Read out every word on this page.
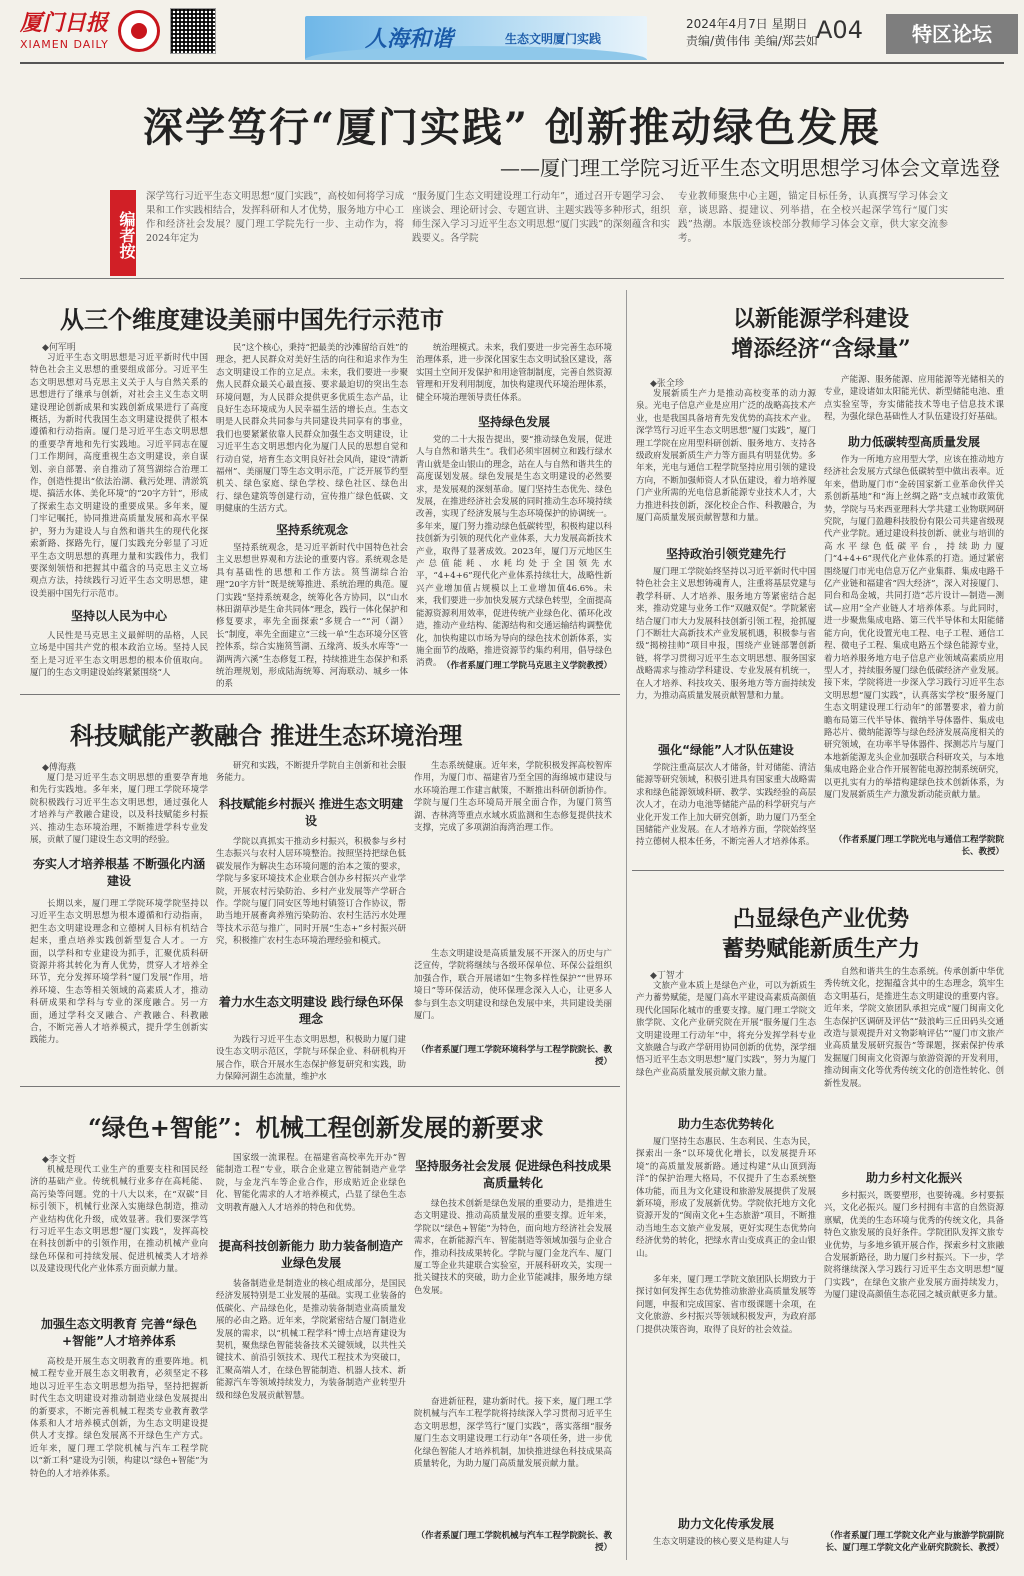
厦门日报
XIAMEN DAILY	人海和谐	生态文明厦门实践
2024年4月7日 星期日
责编/黄伟伟 美编/郑芸如
A04	特区论坛
深学笃行“厦门实践” 创新推动绿色发展
——厦门理工学院习近平生态文明思想学习体会文章选登
编者按
深学笃行习近平生态文明思想“厦门实践”，高校如何将学习成果和工作实践相结合，发挥科研和人才优势，服务地方中心工作和经济社会发展？厦门理工学院先行一步、主动作为，将2024年定为
“服务厦门生态文明建设理工行动年”，通过召开专题学习会、座谈会、理论研讨会、专题宣讲、主题实践等多种形式，组织师生深入学习习近平生态文明思想“厦门实践”的深刻蕴含和实践要义。各学院
专业教师聚焦中心主题，锚定目标任务，认真撰写学习体会文章，谈思路、提建议、列举措，在全校兴起深学笃行“厦门实践”热潮。本版选登该校部分教师学习体会文章，供大家交流参考。
从三个维度建设美丽中国先行示范市
◆何军明

习近平生态文明思想是习近平新时代中国特色社会主义思想的重要组成部分。习近平生态文明思想对马克思主义关于人与自然关系的思想进行了继承与创新，对社会主义生态文明建设理论创新成果和实践创新成果进行了高度概括，为新时代我国生态文明建设提供了根本遵循和行动指南。厦门是习近平生态文明思想的重要孕育地和先行实践地。习近平同志在厦门工作期间，高度重视生态文明建设，亲自谋划、亲自部署、亲自推动了筼筜湖综合治理工作，创造性提出“依法治湖、截污处理、清淤筑堤、搞活水体、美化环境”的“20字方针”，形成了探索生态文明建设的重要成果。多年来，厦门牢记嘱托，协同推进高质量发展和高水平保护，努力为建设人与自然和谐共生的现代化探索新路、探路先行，厦门实践充分彰显了习近平生态文明思想的真理力量和实践伟力，我们要深刻领悟和把握其中蕴含的马克思主义立场观点方法，持续践行习近平生态文明思想，建设美丽中国先行示范市。

坚持以人民为中心

人民性是马克思主义最鲜明的品格，人民立场是中国共产党的根本政治立场。坚持人民至上是习近平生态文明思想的根本价值取向。厦门的生态文明建设始终紧紧围绕“人

民”这个核心，秉持“把最美的沙滩留给百姓”的理念，把人民群众对美好生活的向往和追求作为生态文明建设工作的立足点。未来，我们要进一步聚焦人民群众最关心最直接、要求最迫切的突出生态环境问题，为人民群众提供更多优质生态产品，让良好生态环境成为人民幸福生活的增长点。生态文明是人民群众共同参与共同建设共同享有的事业，我们也要紧紧依靠人民群众加强生态文明建设，让习近平生态文明思想内化为厦门人民的思想自觉和行动自觉，培育生态文明良好社会风尚，建设“清新福州”、美丽厦门等生态文明示范，广泛开展节约型机关、绿色家庭、绿色学校、绿色社区、绿色出行、绿色建筑等创建行动，宣传推广绿色低碳、文明健康的生活方式。

坚持系统观念

坚持系统观念，是习近平新时代中国特色社会主义思想世界观和方法论的重要内容。系统观念是具有基础性的思想和工作方法。筼筜湖综合治理“20字方针”既是统筹推进、系统治理的典范。厦门实践“坚持系统观念，统筹化各方协同，以“山水林田湖草沙是生命共同体”理念，践行一体化保护和修复要求，率先全面探索“多规合一”“河（湖）长”制度，率先全面建立“三线一单”生态环境分区管控体系，综合实施筼筜湖、五缘湾、坂头水库等“一湖两湾六溪”生态修复工程，持续推进生态保护和系统治理规划，形成陆海统筹、河海联动、城乡一体的系

统治理模式。未来，我们要进一步完善生态环境治理体系，进一步深化国家生态文明试验区建设，落实国土空间开发保护和用途管制制度，完善自然资源管理和开发利用制度，加快构建现代环境治理体系，健全环境治理领导责任体系。

坚持绿色发展

党的二十大报告提出，要“推动绿色发展，促进人与自然和谐共生”。我们必须牢固树立和践行绿水青山就是金山银山的理念，站在人与自然和谐共生的高度谋划发展。绿色发展是生态文明建设的必然要求，是发展观的深刻革命。厦门坚持生态优先、绿色发展，在推进经济社会发展的同时推动生态环境持续改善，实现了经济发展与生态环境保护的协调统一。多年来，厦门努力推动绿色低碳转型，积极构建以科技创新为引领的现代化产业体系，大力发展高新技术产业，取得了显著成效。2023年，厦门万元地区生产总值能耗、水耗均处于全国领先水平，“4+4+6”现代化产业体系持续壮大，战略性新兴产业增加值占规模以上工业增加值46.6%。未来，我们要进一步加快发展方式绿色转型，全面提高能源资源利用效率，促进传统产业绿色化、循环化改造，推动产业结构、能源结构和交通运输结构调整优化，加快构建以市场为导向的绿色技术创新体系，实施全面节约战略，推进资源节约集约利用，倡导绿色消费。 （作者系厦门理工学院马克思主义学院教授）
以新能源学科建设
增添经济“含绿量”
◆张全珍

发展新质生产力是推动高校变革的动力源泉。光电子信息产业是应用广泛的战略高技术产业，也是我国具备培育先发优势的高技术产业。深学笃行习近平生态文明思想“厦门实践”，厦门理工学院在应用型科研创新、服务地方、支持各级政府发展新质生产力等方面具有明显优势。多年来，光电与通信工程学院坚持应用引领的建设方向，不断加强师资人才队伍建设，着力培养厦门产业所需的光电信息新能源专业技术人才，大力推进科技创新，深化校企合作、科教融合，为厦门高质量发展贡献智慧和力量。

坚持政治引领党建先行

厦门理工学院始终坚持以习近平新时代中国特色社会主义思想铸魂育人，注重将基层党建与教学科研、人才培养、服务地方等紧密结合起来，推动党建与业务工作“双融双促”。学院紧密结合厦门市大力发展科技创新引领工程，抢抓厦门不断壮大高新技术产业发展机遇，积极参与省级“揭榜挂帅”项目申报，围绕产业链部署创新链，将学习贯彻习近平生态文明思想、服务国家战略需求与推动学科建设、专业发展有机统一，在人才培养、科技攻关、服务地方等方面持续发力，为推动高质量发展贡献智慧和力量。

强化“绿能”人才队伍建设

学院注重高层次人才储备，针对储能、清洁能源等研究领域，积极引进具有国家重大战略需求和绿色能源领域科研、教学、实践经验的高层次人才，在动力电池等储能产品的科学研究与产业化开发工作上加大研究创新，助力厦门乃至全国储能产业发展。在人才培养方面，学院始终坚持立德树人根本任务，不断完善人才培养体系。

产能源、服务能源、应用能源等光储相关的专业，建设诸如太阳能光伏、新型储能电池、重点实验室等，夯实储能技术等电子信息技术课程，为强化绿色基础性人才队伍建设打好基础。

助力低碳转型高质量发展

作为一所地方应用型大学，应该在推动地方经济社会发展方式绿色低碳转型中做出表率。近年来，借助厦门市“金砖国家新工业革命伙伴关系创新基地”和“海上丝绸之路”支点城市政策优势，学院与马来西亚理科大学共建工业物联网研究院，与厦门盈趣科技股份有限公司共建省级现代产业学院。通过建设科技创新、就业与培训的高水平绿色低碳平台，持续助力厦门“4+4+6”现代化产业体系的打造。通过紧密围绕厦门市光电信息万亿产业集群、集成电路千亿产业链和福建省“四大经济”，深入对接厦门、同台和岛金城，共同打造“芯片设计—制造—测试—应用”全产业链人才培养体系。与此同时，进一步聚焦集成电路、第三代半导体和太阳能储能方向，优化设置光电工程、电子工程、通信工程、微电子工程、集成电路五个绿色能源专业，着力培养服务地方电子信息产业领域高素质应用型人才，持续服务厦门绿色低碳经济产业发展。接下来，学院将进一步深入学习践行习近平生态文明思想“厦门实践”，认真落实学校“服务厦门生态文明建设理工行动年”的部署要求，着力前瞻布局第三代半导体、微纳半导体器件、集成电路芯片、微纳能源等与绿色经济发展高度相关的研究领域，在功率半导体器件、探测芯片与厦门本地新能源龙头企业加强联合科研攻关，与本地集成电路企业合作开展智能电源控制系统研究，以更扎实有力的举措构建绿色技术创新体系，为厦门发展新质生产力激发新动能贡献力量。

（作者系厦门理工学院光电与通信工程学院院长、教授）
科技赋能产教融合 推进生态环境治理
◆傅海燕

厦门是习近平生态文明思想的重要孕育地和先行实践地。多年来，厦门理工学院环境学院积极践行习近平生态文明思想，通过强化人才培养与产教融合建设，以及科技赋能乡村振兴、推动生态环境治理，不断推进学科专业发展，贡献了厦门建设生态文明的经验。

夯实人才培养根基 不断强化内涵建设

长期以来，厦门理工学院环境学院坚持以习近平生态文明思想为根本遵循和行动指南，把生态文明建设理念和立德树人目标有机结合起来，重点培养实践创新型复合人才。一方面，以学科和专业建设为抓手，汇聚优质科研资源并将其转化为育人优势，贯穿人才培养全环节，充分发挥环境学科“厦门发展”作用，培养环境、生态等相关领域的高素质人才，推动科研成果和学科与专业的深度融合。另一方面，通过学科交叉融合、产教融合、科教融合，不断完善人才培养模式，提升学生创新实践能力。

研究和实践，不断提升学院自主创新和社会服务能力。

科技赋能乡村振兴 推进生态文明建设

学院以真抓实干推动乡村振兴，积极参与乡村生态振兴与农村人居环境整治。按照坚持把绿色低碳发展作为解决生态环境问题的治本之策的要求，学院与多家环境技术企业联合创办乡村振兴产业学院，开展农村污染防治、乡村产业发展等产学研合作。学院与厦门同安区等地村镇签订合作协议，帮助当地开展畜禽养殖污染防治、农村生活污水处理等技术示范与推广，同时开展“生态+”乡村振兴研究，积极推广农村生态环境治理经验和模式。

着力水生态文明建设 践行绿色环保理念

为践行习近平生态文明思想，积极助力厦门建设生态文明示范区，学院与环保企业、科研机构开展合作，联合开展水生态保护修复研究和实践，助力保障河湖生态流量，维护水

生态系统健康。近年来，学院积极发挥高校智库作用，为厦门市、福建省乃至全国的海绵城市建设与水环境治理工作建言献策，不断推出科研创新协作。学院与厦门生态环境局开展全面合作，为厦门筼筜湖、杏林湾等重点水域水质监测和生态修复提供技术支撑，完成了多项湖泊海湾治理工作。

生态文明建设是高质量发展不开深入的历史与广泛宣传，学院将继续与各级环保单位、环保公益组织加强合作，联合开展诸如“生物多样性保护”“世界环境日”等环保活动，使环保理念深入人心，让更多人参与到生态文明建设和绿色发展中来，共同建设美丽厦门。

（作者系厦门理工学院环境科学与工程学院院长、教授）
凸显绿色产业优势
蓄势赋能新质生产力
◆丁智才

文旅产业本质上是绿色产业，可以为新质生产力蓄势赋能，是厦门高水平建设高素质高颜值现代化国际化城市的重要支撑。厦门理工学院文旅学院、文化产业研究院在开展“服务厦门生态文明建设理工行动年”中，将充分发挥学科专业文旅融合与政产学研用协同创新的优势，深学细悟习近平生态文明思想“厦门实践”，努力为厦门绿色产业高质量发展贡献文旅力量。

助力生态优势转化

厦门坚持生态惠民、生态利民、生态为民，探索出一条“以环境优化增长，以发展提升环境”的高质量发展新路。通过构建“从山顶到海洋”的保护治理大格局，不仅提升了生态系统整体功能，而且为文化建设和旅游发展提供了发展新环境，形成了发展新优势。学院依托地方文化资源开发的“闽南文化+生态旅游”项目，不断推动当地生态文旅产业发展，更好实现生态优势向经济优势的转化，把绿水青山变成真正的金山银山。

多年来，厦门理工学院文旅团队长期致力于探讨如何发挥生态优势推动旅游业高质量发展等问题，申报和完成国家、省市级课题十余项，在文化旅游、乡村振兴等领域积极发声，为政府部门提供决策咨询，取得了良好的社会效益。

助力文化传承发展

生态文明建设的核心要义是构建人与

自然和谐共生的生态系统。传承创新中华优秀传统文化，挖掘蕴含其中的生态理念，筑牢生态文明基石，是推进生态文明建设的重要内容。近年来，学院文旅团队承担完成“厦门闽南文化生态保护区调研及评估”“鼓浪屿三丘田码头交通改造与景观提升对文物影响评估”“厦门市文旅产业高质量发展研究报告”等课题，探索保护传承发掘厦门闽南文化资源与旅游资源的开发利用，推动闽南文化等优秀传统文化的创造性转化、创新性发展。

助力乡村文化振兴

乡村振兴，既要塑形，也要铸魂。乡村要振兴，文化必振兴。厦门乡村拥有丰富的自然资源禀赋，优美的生态环境与优秀的传统文化，具备特色文旅发展的良好条件。学院团队发挥文旅专业优势，与多地乡镇开展合作，探索乡村文旅融合发展新路径，助力厦门乡村振兴。下一步，学院将继续深入学习践行习近平生态文明思想“厦门实践”，在绿色文旅产业发展方面持续发力，为厦门建设高颜值生态花园之城贡献更多力量。

（作者系厦门理工学院文化产业与旅游学院副院长、厦门理工学院文化产业研究院院长、教授）
“绿色+智能”：机械工程创新发展的新要求
◆李文哲

机械是现代工业生产的重要支柱和国民经济的基础产业。传统机械行业多存在高耗能、高污染等问题。党的十八大以来，在“双碳”目标引领下，机械行业深入实施绿色制造，推动产业结构优化升级，成效显著。我们要深学笃行习近平生态文明思想“厦门实践”，发挥高校在科技创新中的引领作用，在推动机械产业向绿色环保和可持续发展、促进机械类人才培养以及建设现代化产业体系方面贡献力量。

加强生态文明教育 完善“绿色+智能”人才培养体系

高校是开展生态文明教育的重要阵地。机械工程专业开展生态文明教育，必须坚定不移地以习近平生态文明思想为指导，坚持把握新时代生态文明建设对推动制造业绿色发展提出的新要求，不断完善机械工程类专业教育教学体系和人才培养模式创新，为生态文明建设提供人才支撑。绿色发展离不开绿色生产方式。近年来，厦门理工学院机械与汽车工程学院以“新工科”建设为引领，构建以“绿色+智能”为特色的人才培养体系。

国家级一流课程。在福建省高校率先开办“智能制造工程”专业，联合企业建立智能制造产业学院，与金龙汽车等企业合作，形成贴近企业绿色化、智能化需求的人才培养模式，凸显了绿色生态文明教育融入人才培养的特色和优势。

提高科技创新能力 助力装备制造产业绿色发展

装备制造业是制造业的核心组成部分，是国民经济发展特别是工业发展的基础。实现工业装备的低碳化、产品绿色化，是推动装备制造业高质量发展的必由之路。近年来，学院紧密结合厦门制造业发展的需求，以“机械工程学科”博士点培育建设为契机，聚焦绿色智能装备技术关键领域，以共性关键技术、前沿引领技术、现代工程技术为突破口，汇聚高端人才，在绿色智能制造、机器人技术、新能源汽车等领域持续发力，为装备制造产业转型升级和绿色发展贡献智慧。

坚持服务社会发展 促进绿色科技成果高质量转化

绿色技术创新是绿色发展的重要动力，是推进生态文明建设、推动高质量发展的重要支撑。近年来，学院以“绿色+智能”为特色，面向地方经济社会发展需求，在新能源汽车、智能制造等领域加强与企业合作，推动科技成果转化。学院与厦门金龙汽车、厦门厦工等企业共建联合实验室，开展科研攻关，实现一批关键技术的突破，助力企业节能减排，服务地方绿色发展。

奋进新征程，建功新时代。接下来，厦门理工学院机械与汽车工程学院将持续深入学习贯彻习近平生态文明思想，深学笃行“厦门实践”，落实落细“服务厦门生态文明建设理工行动年”各项任务，进一步优化绿色智能人才培养机制，加快推进绿色科技成果高质量转化，为助力厦门高质量发展贡献力量。

（作者系厦门理工学院机械与汽车工程学院院长、教授）
